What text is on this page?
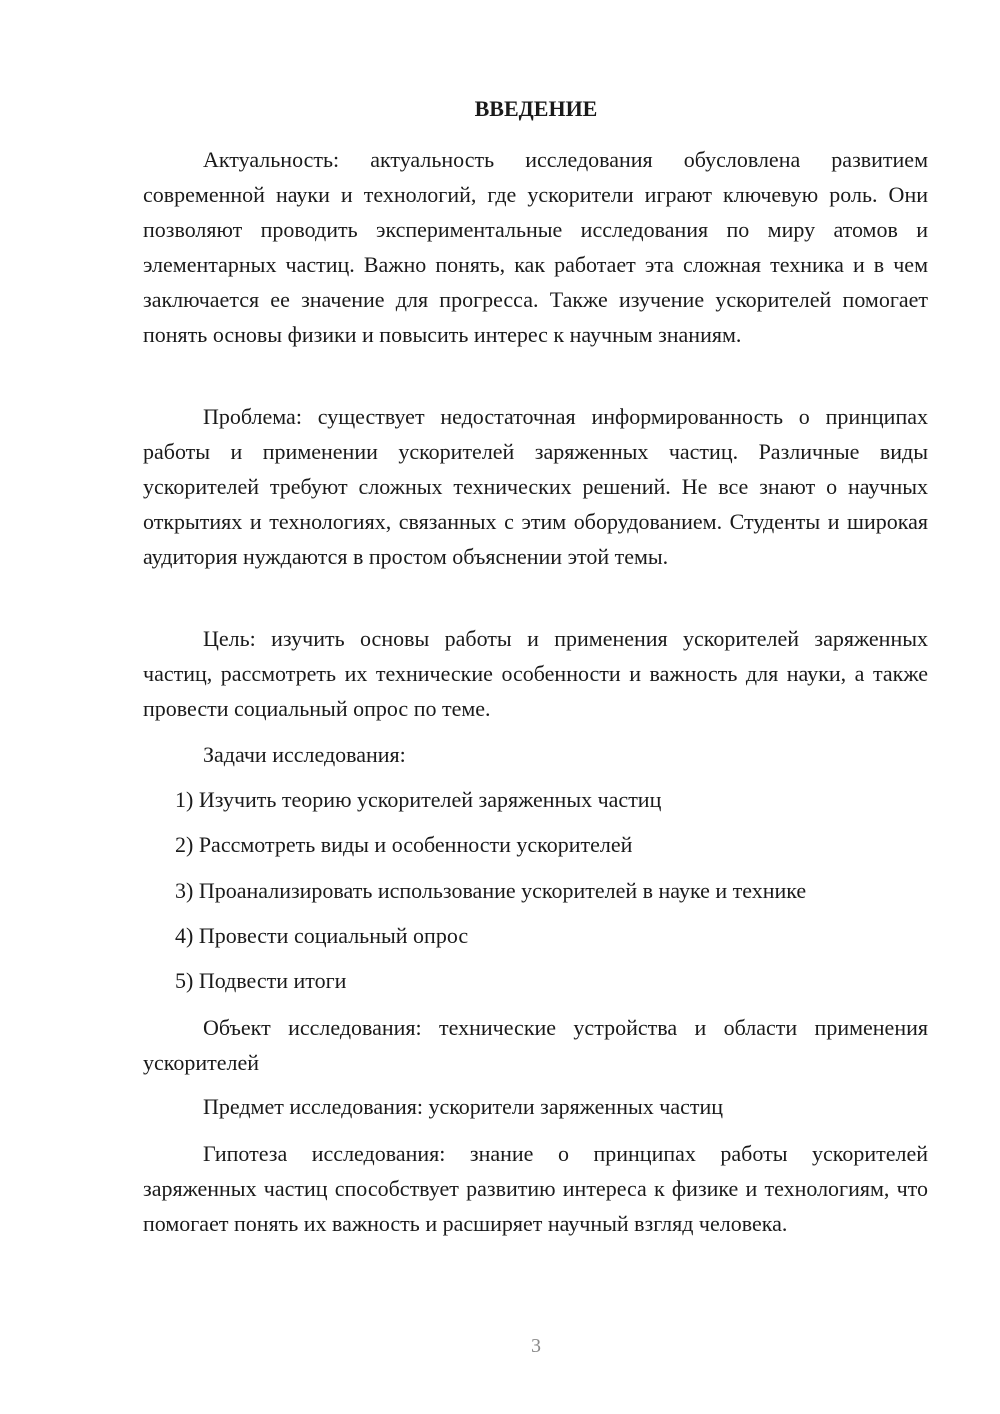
ВВЕДЕНИЕ

Актуальность: актуальность исследования обусловлена развитием современной науки и технологий, где ускорители играют ключевую роль. Они позволяют проводить экспериментальные исследования по миру атомов и элементарных частиц. Важно понять, как работает эта сложная техника и в чем заключается ее значение для прогресса. Также изучение ускорителей помогает понять основы физики и повысить интерес к научным знаниям.

Проблема: существует недостаточная информированность о принципах работы и применении ускорителей заряженных частиц. Различные виды ускорителей требуют сложных технических решений. Не все знают о научных открытиях и технологиях, связанных с этим оборудованием. Студенты и широкая аудитория нуждаются в простом объяснении этой темы.

Цель: изучить основы работы и применения ускорителей заряженных частиц, рассмотреть их технические особенности и важность для науки, а также провести социальный опрос по теме.

Задачи исследования:

1) Изучить теорию ускорителей заряженных частиц

2) Рассмотреть виды и особенности ускорителей

3) Проанализировать использование ускорителей в науке и технике

4) Провести социальный опрос

5) Подвести итоги

Объект исследования: технические устройства и области применения ускорителей

Предмет исследования: ускорители заряженных частиц

Гипотеза исследования: знание о принципах работы ускорителей заряженных частиц способствует развитию интереса к физике и технологиям, что помогает понять их важность и расширяет научный взгляд человека.

3
